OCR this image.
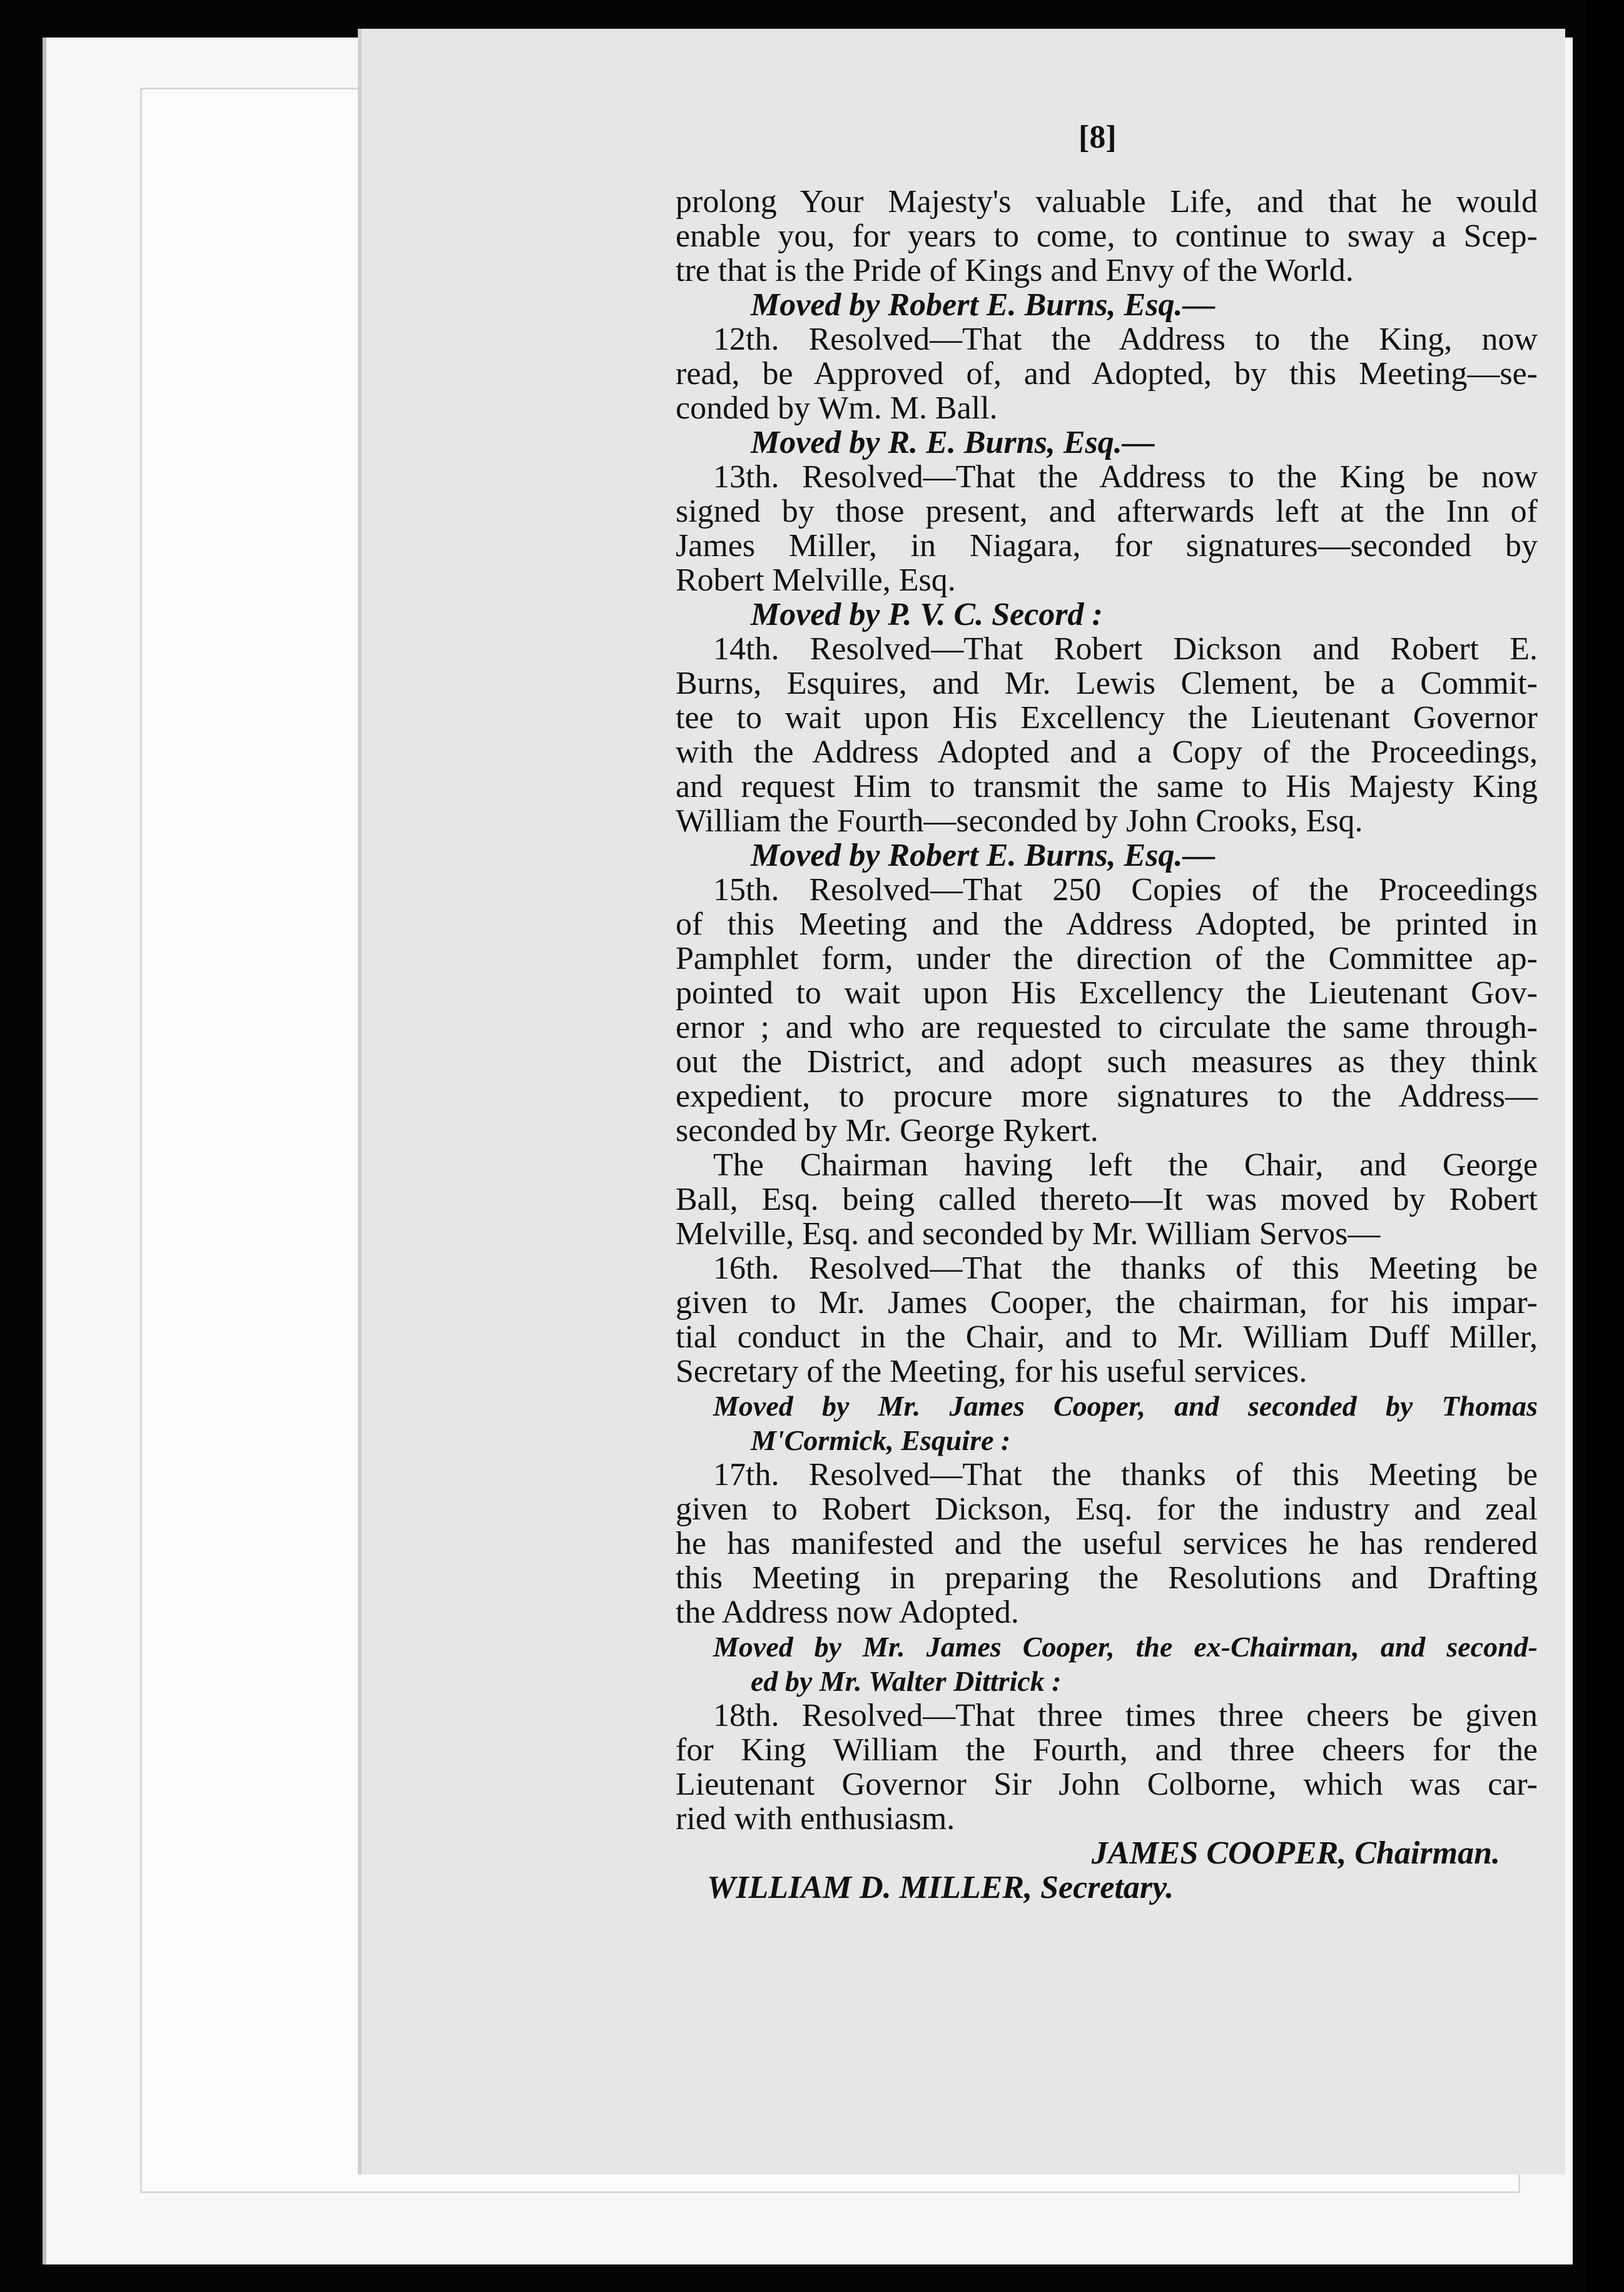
[8]
prolong Your Majesty's valuable Life, and that he would
enable you, for years to come, to continue to sway a Scep-
tre that is the Pride of Kings and Envy of the World.
Moved by Robert E. Burns, Esq.—
12th. Resolved—That the Address to the King, now
read, be Approved of, and Adopted, by this Meeting—se-
conded by Wm. M. Ball.
Moved by R. E. Burns, Esq.—
13th. Resolved—That the Address to the King be now
signed by those present, and afterwards left at the Inn of
James Miller, in Niagara, for signatures—seconded by
Robert Melville, Esq.
Moved by P. V. C. Secord :
14th. Resolved—That Robert Dickson and Robert E.
Burns, Esquires, and Mr. Lewis Clement, be a Commit-
tee to wait upon His Excellency the Lieutenant Governor
with the Address Adopted and a Copy of the Proceedings,
and request Him to transmit the same to His Majesty King
William the Fourth—seconded by John Crooks, Esq.
Moved by Robert E. Burns, Esq.—
15th. Resolved—That 250 Copies of the Proceedings
of this Meeting and the Address Adopted, be printed in
Pamphlet form, under the direction of the Committee ap-
pointed to wait upon His Excellency the Lieutenant Gov-
ernor ; and who are requested to circulate the same through-
out the District, and adopt such measures as they think
expedient, to procure more signatures to the Address—
seconded by Mr. George Rykert.
The Chairman having left the Chair, and George
Ball, Esq. being called thereto—It was moved by Robert
Melville, Esq. and seconded by Mr. William Servos—
16th. Resolved—That the thanks of this Meeting be
given to Mr. James Cooper, the chairman, for his impar-
tial conduct in the Chair, and to Mr. William Duff Miller,
Secretary of the Meeting, for his useful services.
Moved by Mr. James Cooper, and seconded by Thomas
M'Cormick, Esquire :
17th. Resolved—That the thanks of this Meeting be
given to Robert Dickson, Esq. for the industry and zeal
he has manifested and the useful services he has rendered
this Meeting in preparing the Resolutions and Drafting
the Address now Adopted.
Moved by Mr. James Cooper, the ex-Chairman, and second-
ed by Mr. Walter Dittrick :
18th. Resolved—That three times three cheers be given
for King William the Fourth, and three cheers for the
Lieutenant Governor Sir John Colborne, which was car-
ried with enthusiasm.
JAMES COOPER, Chairman.
WILLIAM D. MILLER, Secretary.
